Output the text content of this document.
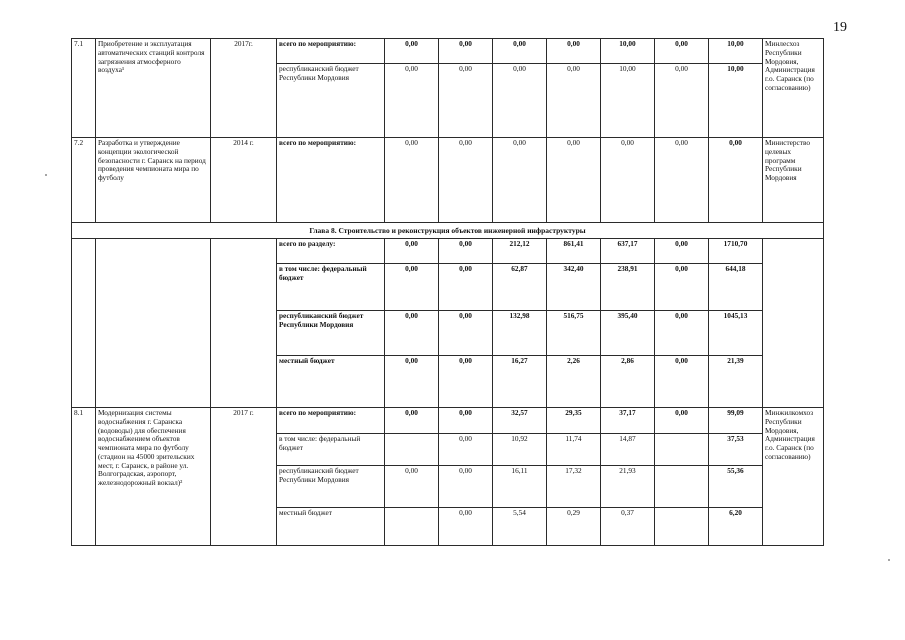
19
7.1	Приобретение и эксплуатация автоматических станций контроля загрязнения атмосферного воздуха¹	2017г.	всего по мероприятию:	0,00	0,00	0,00	0,00	10,00	0,00	10,00	Минлесхоз Республики Мордовия, Администрация г.о. Саранск (по согласованию)
			республиканский бюджет Республики Мордовия	0,00	0,00	0,00	0,00	10,00	0,00	10,00	
7.2	Разработка и утверждение концепции экологической безопасности г. Саранск на период проведения чемпионата мира по футболу	2014 г.	всего по мероприятию:	0,00	0,00	0,00	0,00	0,00	0,00	0,00	Министерство целевых программ Республики Мордовия
Глава 8. Строительство и реконструкция объектов инженерной инфраструктуры											
			всего по разделу:	0,00	0,00	212,12	861,41	637,17	0,00	1710,70	
			в том числе: федеральный бюджет	0,00	0,00	62,87	342,40	238,91	0,00	644,18	
			республиканский бюджет Республики Мордовия	0,00	0,00	132,98	516,75	395,40	0,00	1045,13	
			местный бюджет	0,00	0,00	16,27	2,26	2,86	0,00	21,39	
8.1	Модернизация системы водоснабжения г. Саранска (водоводы) для обеспечения водоснабжением объектов чемпионата мира по футболу (стадион на 45000 зрительских мест, г. Саранск, в районе ул. Волгоградская, аэропорт, железнодорожный вокзал)²	2017 г.	всего по мероприятию:	0,00	0,00	32,57	29,35	37,17	0,00	99,09	Минжилкомхоз Республики Мордовия, Администрация г.о. Саранск (по согласованию)
			в том числе: федеральный бюджет		0,00	10,92	11,74	14,87		37,53	
			республиканский бюджет Республики Мордовия	0,00	0,00	16,11	17,32	21,93		55,36	
			местный бюджет		0,00	5,54	0,29	0,37		6,20	
